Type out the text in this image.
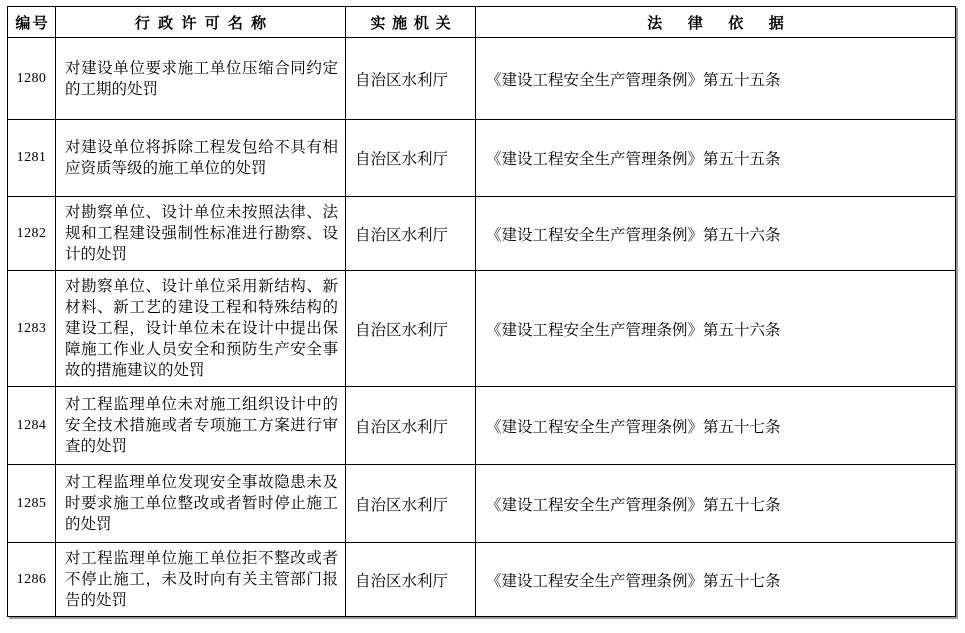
编号	行政许可名称	实施机关	法律依据
1280	对建设单位要求施工单位压缩合同约定的工期的处罚	自治区水利厅	《建设工程安全生产管理条例》第五十五条
1281	对建设单位将拆除工程发包给不具有相应资质等级的施工单位的处罚	自治区水利厅	《建设工程安全生产管理条例》第五十五条
1282	对勘察单位、设计单位未按照法律、法规和工程建设强制性标准进行勘察、设计的处罚	自治区水利厅	《建设工程安全生产管理条例》第五十六条
1283	对勘察单位、设计单位采用新结构、新材料、新工艺的建设工程和特殊结构的建设工程，设计单位未在设计中提出保障施工作业人员安全和预防生产安全事故的措施建议的处罚	自治区水利厅	《建设工程安全生产管理条例》第五十六条
1284	对工程监理单位未对施工组织设计中的安全技术措施或者专项施工方案进行审查的处罚	自治区水利厅	《建设工程安全生产管理条例》第五十七条
1285	对工程监理单位发现安全事故隐患未及时要求施工单位整改或者暂时停止施工的处罚	自治区水利厅	《建设工程安全生产管理条例》第五十七条
1286	对工程监理单位施工单位拒不整改或者不停止施工，未及时向有关主管部门报告的处罚	自治区水利厅	《建设工程安全生产管理条例》第五十七条
